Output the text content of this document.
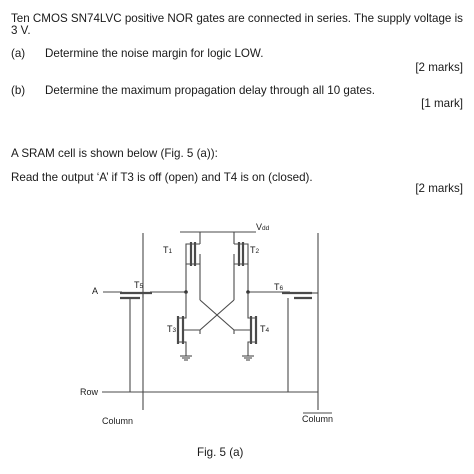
Ten CMOS SN74LVC positive NOR gates are connected in series. The supply voltage is
3 V.
(a) Determine the noise margin for logic LOW.
[2 marks]
(b) Determine the maximum propagation delay through all 10 gates.
[1 mark]
A SRAM cell is shown below (Fig. 5 (a)):
Read the output ‘A’ if T3 is off (open) and T4 is on (closed).
[2 marks]
Vdd
T1	T2
T5	T6
T3	T4
A
Row
Column	Column
Fig. 5 (a)
